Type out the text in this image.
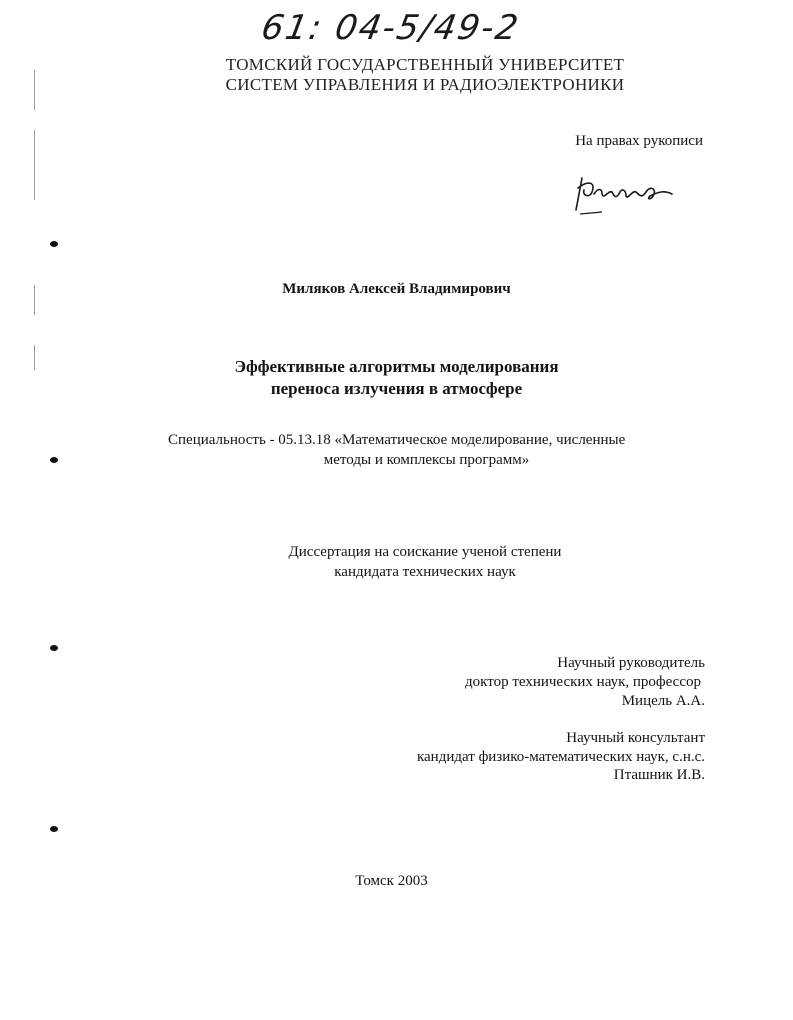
61: 04-5/49-2
ТОМСКИЙ ГОСУДАРСТВЕННЫЙ УНИВЕРСИТЕТ
СИСТЕМ УПРАВЛЕНИЯ И РАДИОЭЛЕКТРОНИКИ
На правах рукописи
Миляков Алексей Владимирович
Эффективные алгоритмы моделирования
переноса излучения в атмосфере
Специальность - 05.13.18 «Математическое моделирование, численные
методы и комплексы программ»
Диссертация на соискание ученой степени
кандидата технических наук
Научный руководитель
доктор технических наук, профессор
Мицель А.А.
Научный консультант
кандидат физико-математических наук, с.н.с.
Пташник И.В.
Томск 2003
